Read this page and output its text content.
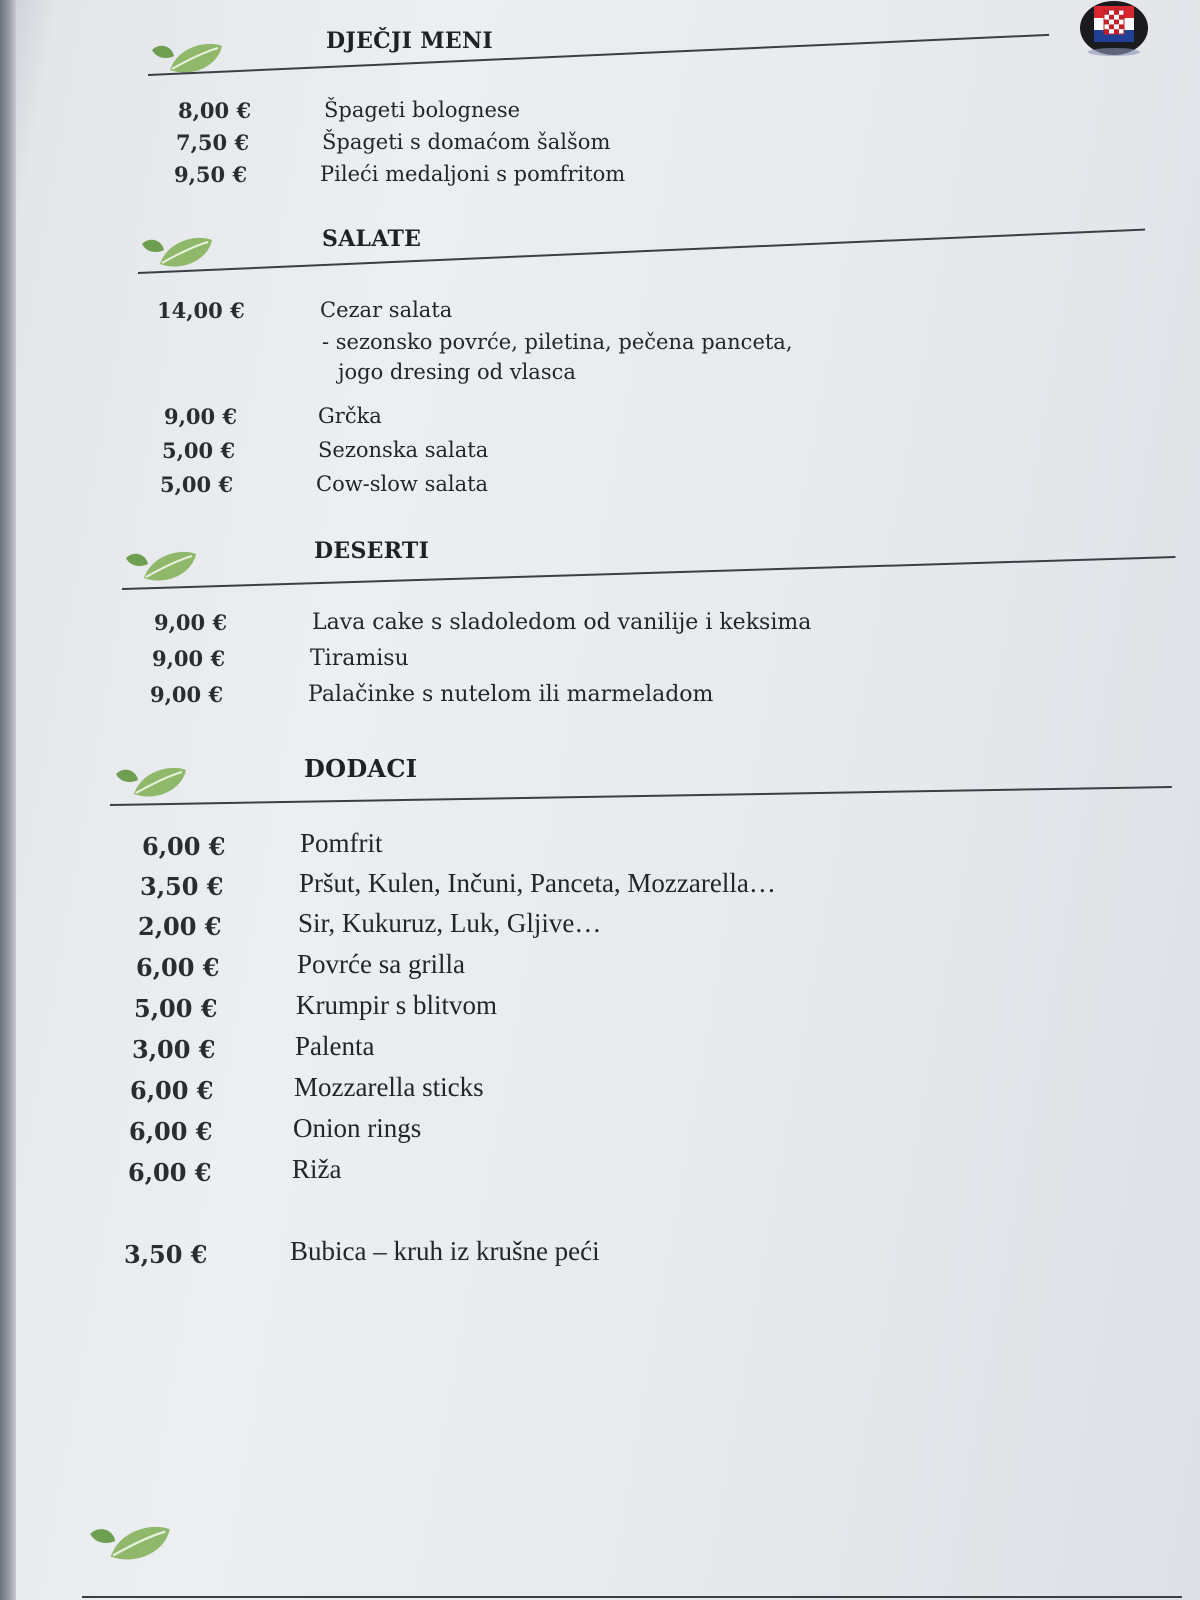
DJEČJI MENI
8,00 €	Špageti bolognese
7,50 €	Špageti s domaćom šalšom
9,50 €	Pileći medaljoni s pomfritom
SALATE
14,00 €	Cezar salata
- sezonsko povrće, piletina, pečena panceta,
jogo dresing od vlasca
9,00 €	Grčka
5,00 €	Sezonska salata
5,00 €	Cow-slow salata
DESERTI
9,00 €	Lava cake s sladoledom od vanilije i keksima
9,00 €	Tiramisu
9,00 €	Palačinke s nutelom ili marmeladom
DODACI
6,00 €	Pomfrit
3,50 €	Pršut, Kulen, Inčuni, Panceta, Mozzarella…
2,00 €	Sir, Kukuruz, Luk, Gljive…
6,00 €	Povrće sa grilla
5,00 €	Krumpir s blitvom
3,00 €	Palenta
6,00 €	Mozzarella sticks
6,00 €	Onion rings
6,00 €	Riža
3,50 €	Bubica – kruh iz krušne peći
